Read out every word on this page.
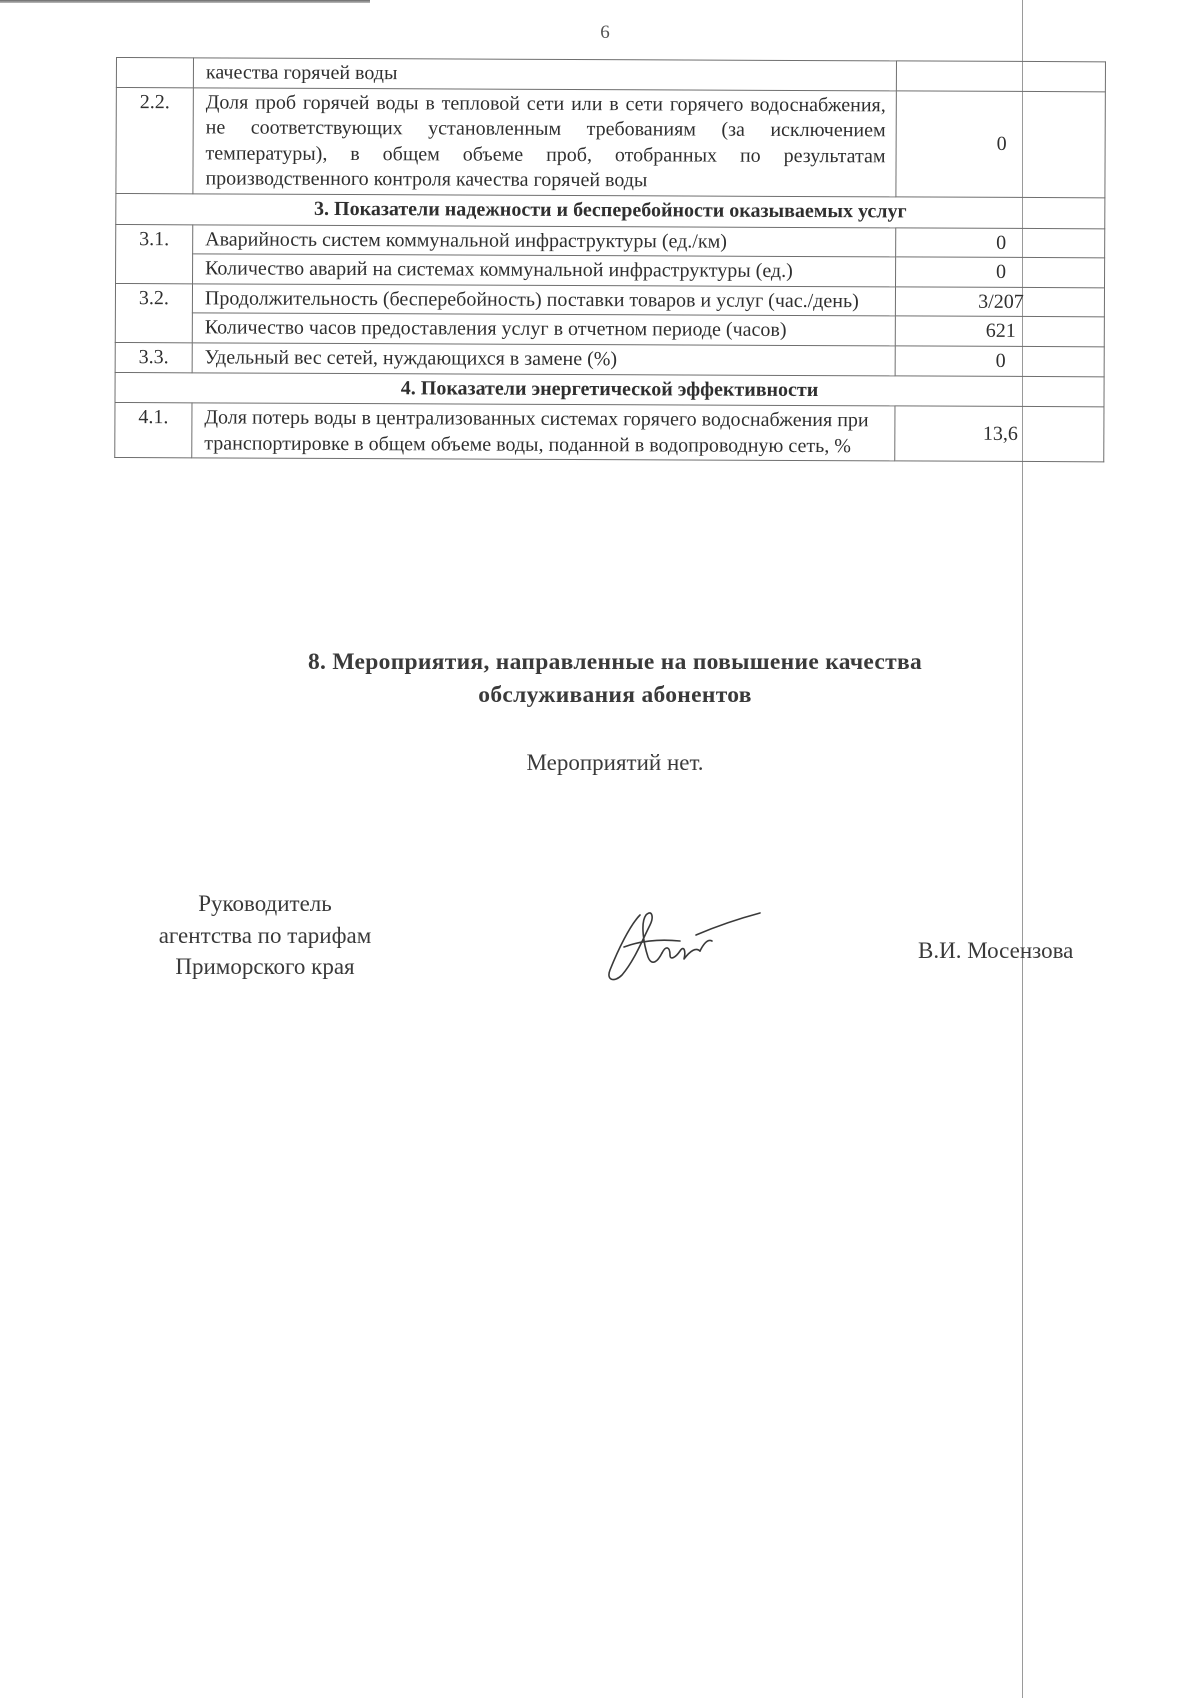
6
	качества горячей воды	
2.2.	Доля проб горячей воды в тепловой сети или в сети горячего водоснабжения, не соответствующих установленным требованиям (за исключением температуры), в общем объеме проб, отобранных по результатам производственного контроля качества горячей воды	0
3. Показатели надежности и бесперебойности оказываемых услуг		
3.1.	Аварийность систем коммунальной инфраструктуры (ед./км)	0
	Количество аварий на системах коммунальной инфраструктуры (ед.)	0
3.2.	Продолжительность (бесперебойность) поставки товаров и услуг (час./день)	3/207
	Количество часов предоставления услуг в отчетном периоде (часов)	621
3.3.	Удельный вес сетей, нуждающихся в замене (%)	0
4. Показатели энергетической эффективности		
4.1.	Доля потерь воды в централизованных системах горячего водоснабжения при транспортировке в общем объеме воды, поданной в водопроводную сеть, %	13,6
8. Мероприятия, направленные на повышение качества
обслуживания абонентов
Мероприятий нет.
Руководитель
агентства по тарифам
Приморского края
В.И. Мосензова
